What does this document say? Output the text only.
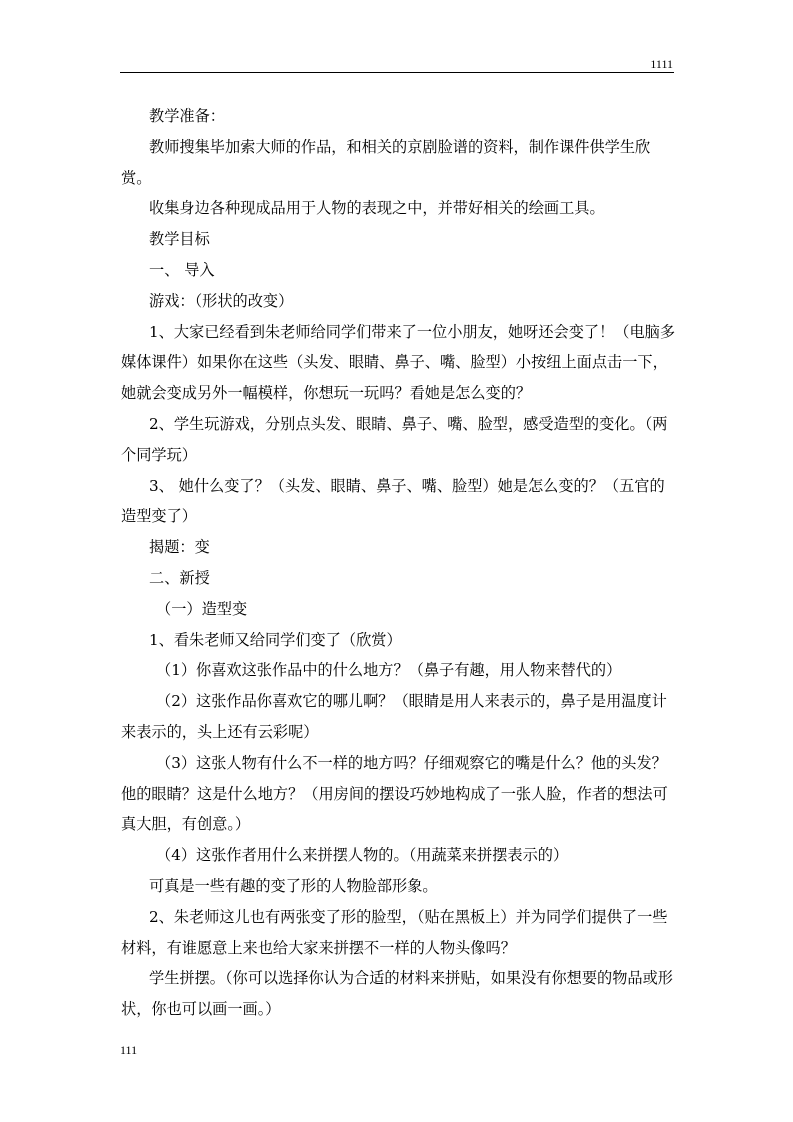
1111

教学准备：

教师搜集毕加索大师的作品，和相关的京剧脸谱的资料，制作课件供学生欣赏。

收集身边各种现成品用于人物的表现之中，并带好相关的绘画工具。

教学目标

一、 导入

游戏：（形状的改变）

1、大家已经看到朱老师给同学们带来了一位小朋友，她呀还会变了！（电脑多媒体课件）如果你在这些（头发、眼睛、鼻子、嘴、脸型）小按纽上面点击一下，她就会变成另外一幅模样，你想玩一玩吗？看她是怎么变的？

2、学生玩游戏，分别点头发、眼睛、鼻子、嘴、脸型，感受造型的变化。（两个同学玩）

3、 她什么变了？（头发、眼睛、鼻子、嘴、脸型）她是怎么变的？（五官的造型变了）

揭题：变

二、新授

（一）造型变

1、看朱老师又给同学们变了（欣赏）

（1）你喜欢这张作品中的什么地方？（鼻子有趣，用人物来替代的）

（2）这张作品你喜欢它的哪儿啊？（眼睛是用人来表示的，鼻子是用温度计来表示的，头上还有云彩呢）

（3）这张人物有什么不一样的地方吗？仔细观察它的嘴是什么？他的头发？他的眼睛？这是什么地方？（用房间的摆设巧妙地构成了一张人脸，作者的想法可真大胆，有创意。）

（4）这张作者用什么来拼摆人物的。（用蔬菜来拼摆表示的）

可真是一些有趣的变了形的人物脸部形象。

2、朱老师这儿也有两张变了形的脸型，（贴在黑板上）并为同学们提供了一些材料，有谁愿意上来也给大家来拼摆不一样的人物头像吗？

学生拼摆。（你可以选择你认为合适的材料来拼贴，如果没有你想要的物品或形状，你也可以画一画。）

111
